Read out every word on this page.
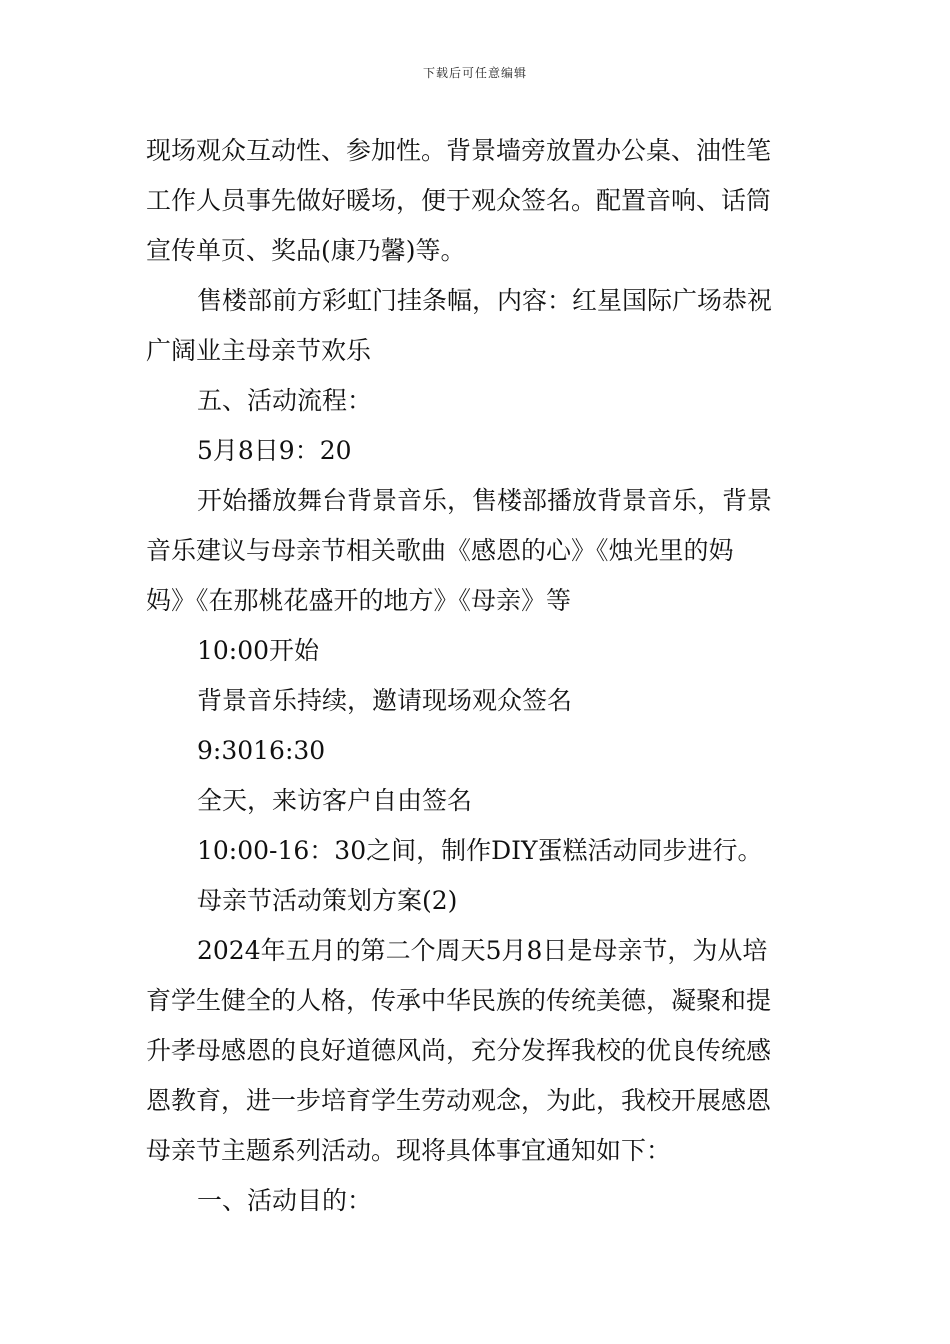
下载后可任意编辑
现场观众互动性、参加性。背景墙旁放置办公桌、油性笔
工作人员事先做好暖场，便于观众签名。配置音响、话筒
宣传单页、奖品(康乃馨)等。
售楼部前方彩虹门挂条幅，内容：红星国际广场恭祝
广阔业主母亲节欢乐
五、活动流程：
5月8日9：20
开始播放舞台背景音乐，售楼部播放背景音乐，背景
音乐建议与母亲节相关歌曲《感恩的心》《烛光里的妈
妈》《在那桃花盛开的地方》《母亲》等
10:00开始
背景音乐持续，邀请现场观众签名
9:3016:30
全天，来访客户自由签名
10:00-16：30之间，制作DIY蛋糕活动同步进行。
母亲节活动策划方案(2)
2024年五月的第二个周天5月8日是母亲节，为从培
育学生健全的人格，传承中华民族的传统美德，凝聚和提
升孝母感恩的良好道德风尚，充分发挥我校的优良传统感
恩教育，进一步培育学生劳动观念，为此，我校开展感恩
母亲节主题系列活动。现将具体事宜通知如下：
一、活动目的：
